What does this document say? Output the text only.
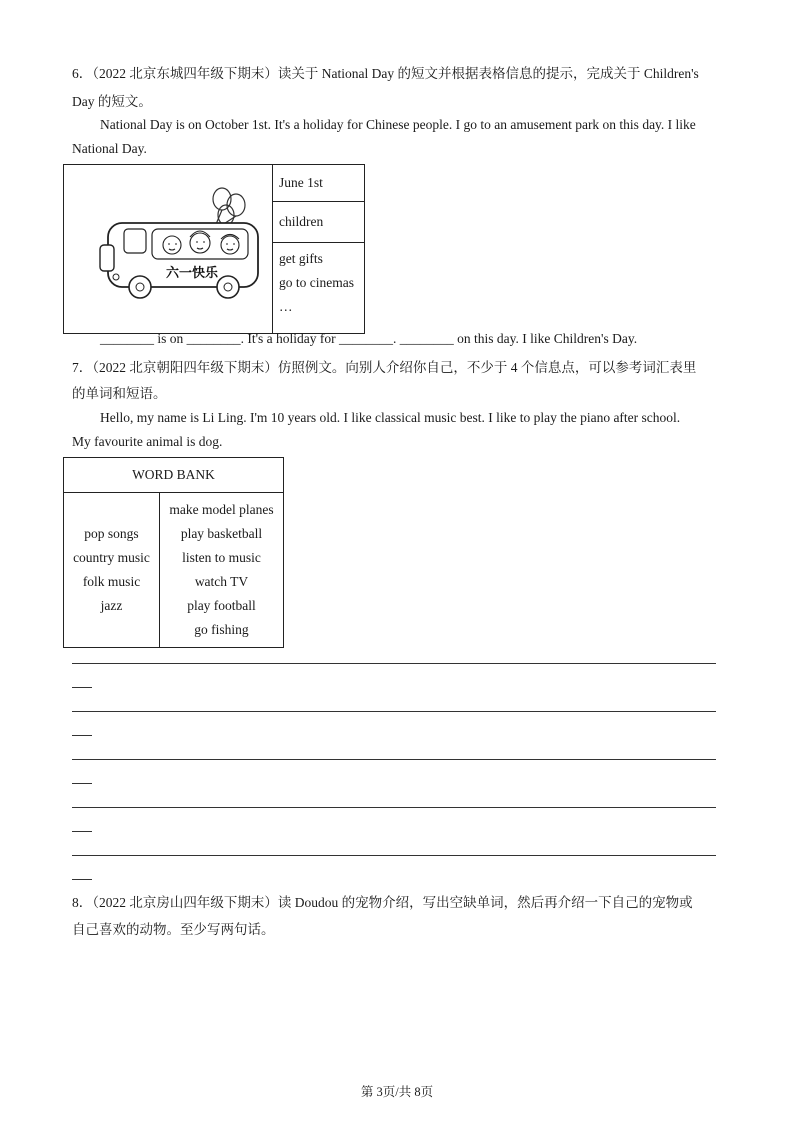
6．（2022 北京东城四年级下期末）读关于 National Day 的短文并根据表格信息的提示，完成关于 Children's
Day 的短文。
National Day is on October 1st. It's a holiday for Chinese people. I go to an amusement park on this day. I like
National Day.
六一快乐

June 1st

children

get gifts
go to cinemas
…
________ is on ________. It's a holiday for ________. ________ on this day. I like Children's Day.
7．（2022 北京朝阳四年级下期末）仿照例文。向别人介绍你自己，不少于 4 个信息点，可以参考词汇表里
的单词和短语。
Hello, my name is Li Ling. I'm 10 years old. I like classical music best. I like to play the piano after school.
My favourite animal is dog.
WORD BANK

pop songs
country music
folk music
jazz

make model planes
play basketball
listen to music
watch TV
play football
go fishing
8．（2022 北京房山四年级下期末）读 Doudou 的宠物介绍，写出空缺单词，然后再介绍一下自己的宠物或
自己喜欢的动物。至少写两句话。
第 3页/共 8页
